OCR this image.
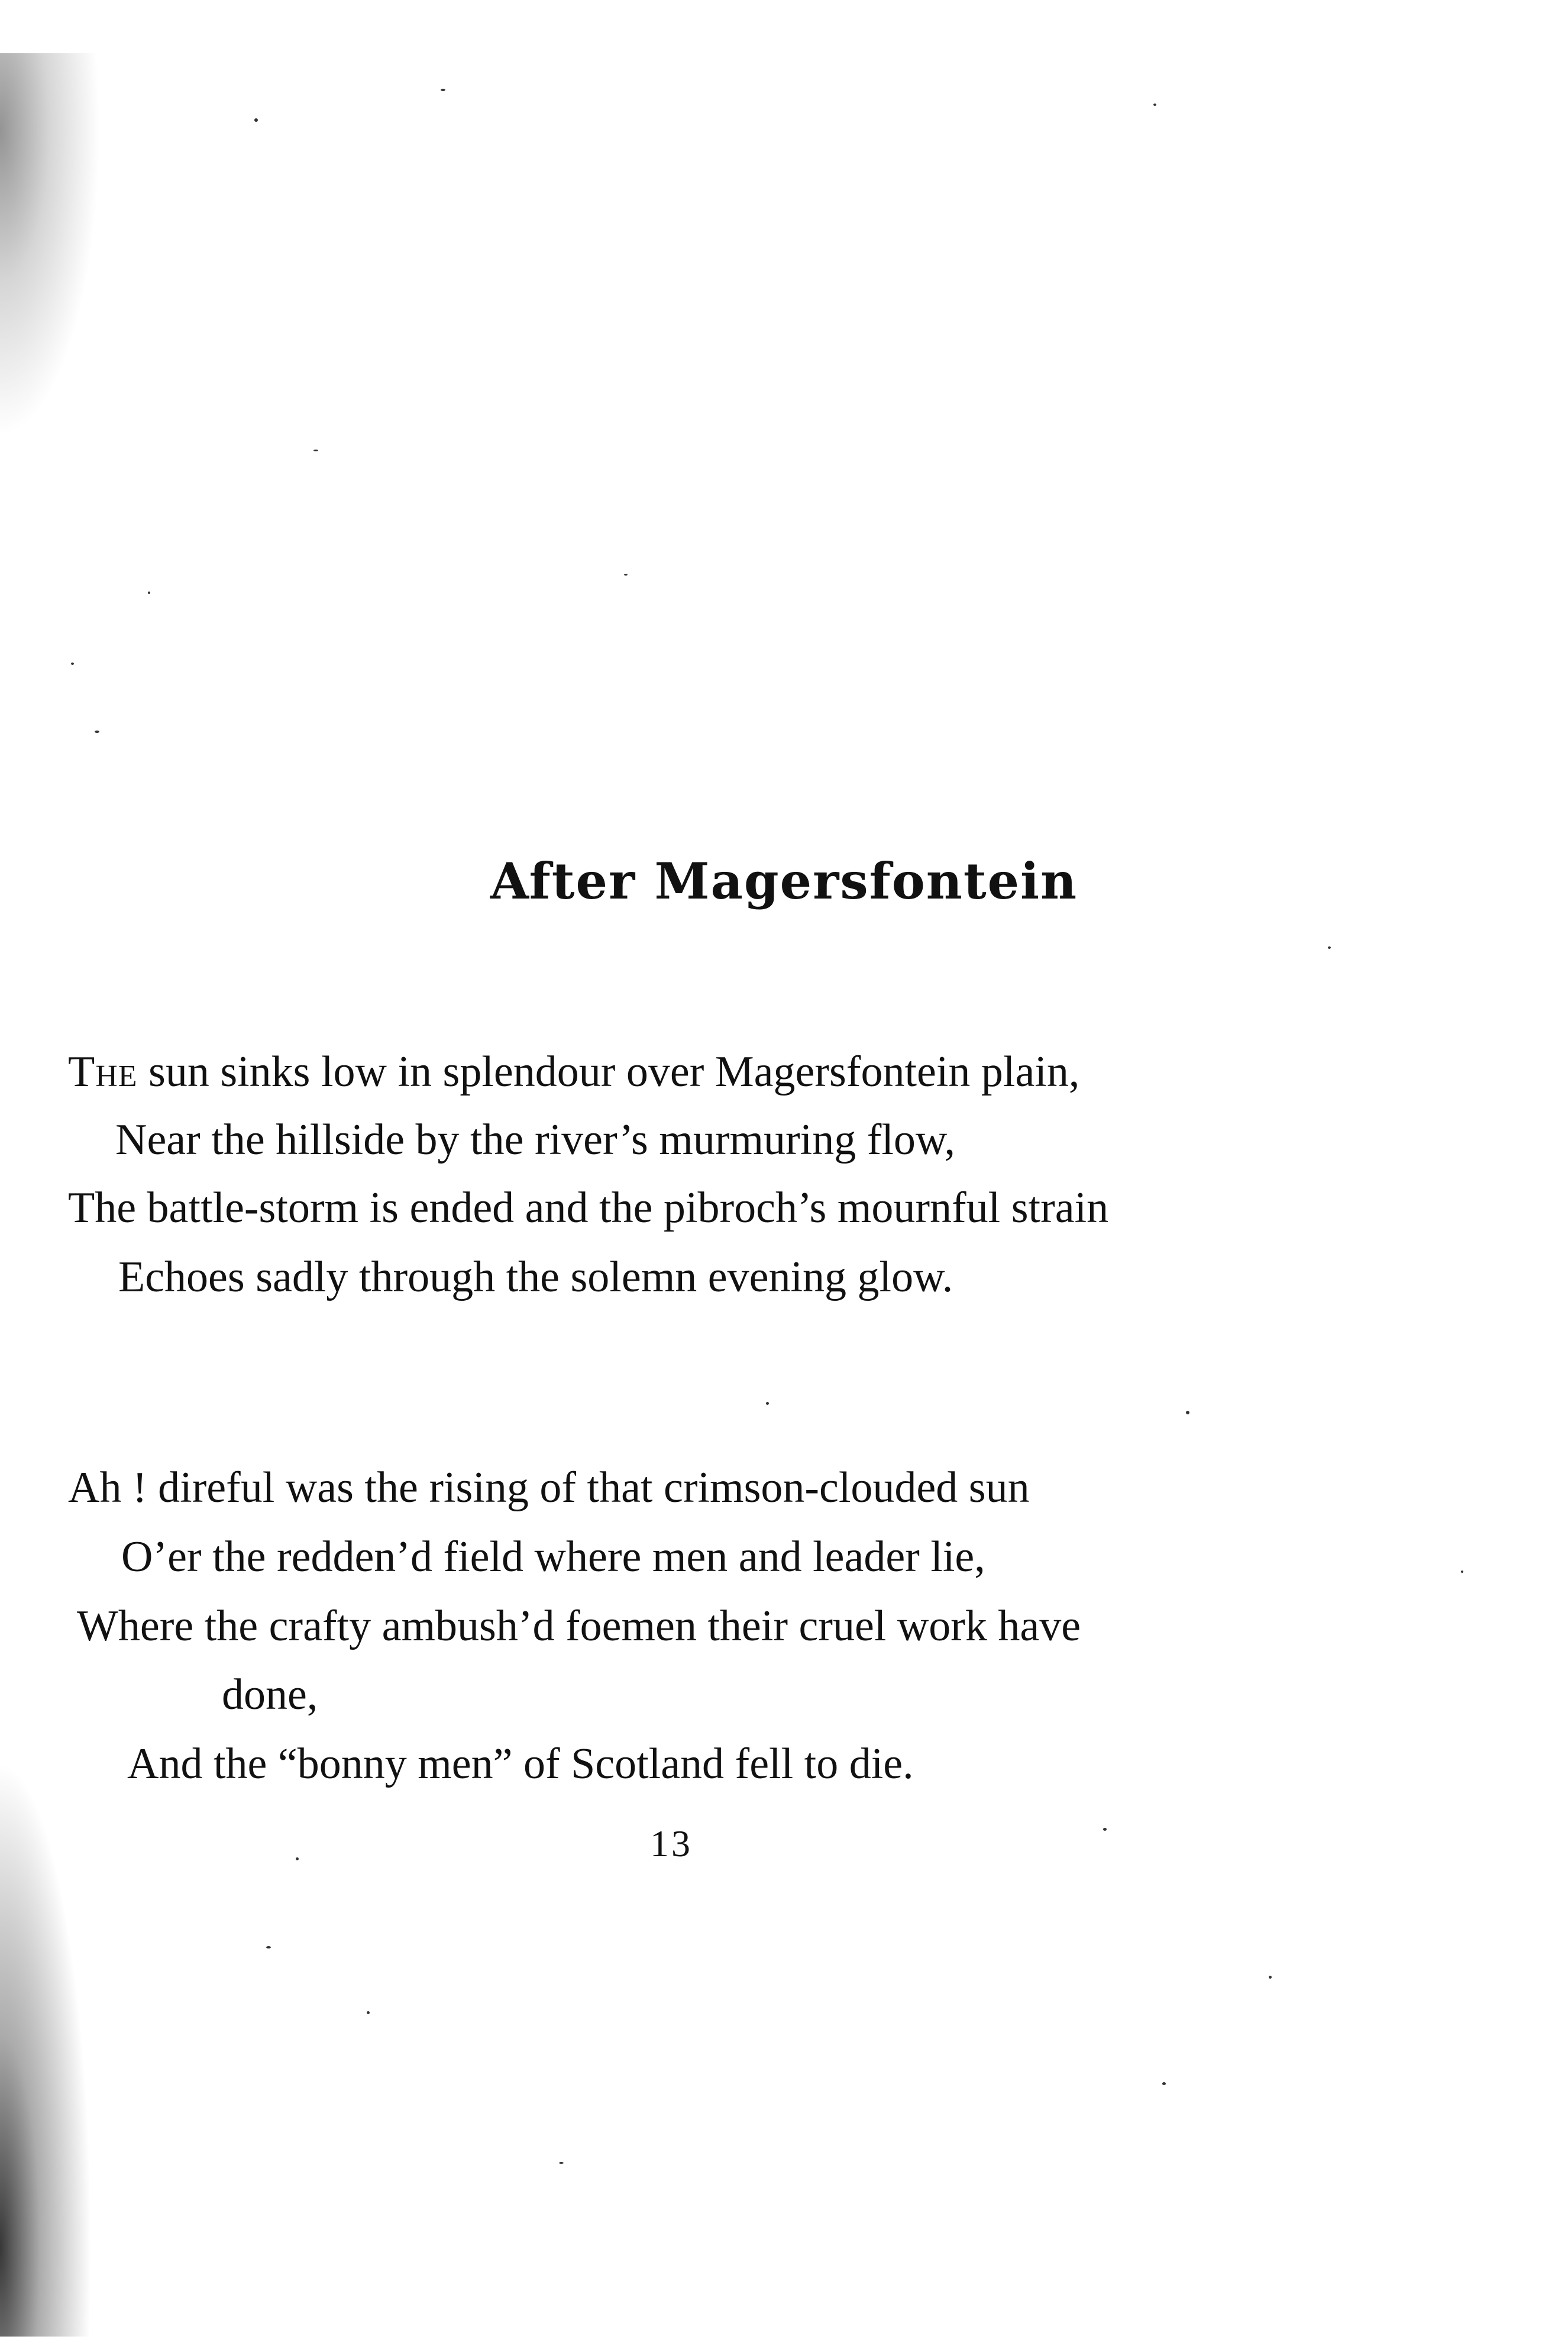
After Magersfontein
The sun sinks low in splendour over Magersfontein plain,
Near the hillside by the river’s murmuring flow,
The battle-storm is ended and the pibroch’s mournful strain
Echoes sadly through the solemn evening glow.
Ah ! direful was the rising of that crimson-clouded sun
O’er the redden’d field where men and leader lie,
Where the crafty ambush’d foemen their cruel work have
done,
And the “bonny men” of Scotland fell to die.
13
